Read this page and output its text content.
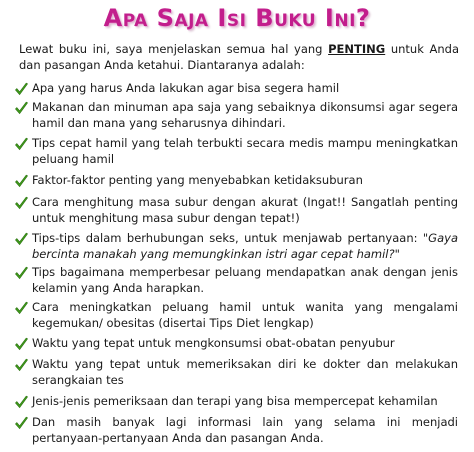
Apa Saja Isi Buku Ini?
Lewat buku ini, saya menjelaskan semua hal yang PENTING untuk Anda dan pasangan Anda ketahui. Diantaranya adalah:
Apa yang harus Anda lakukan agar bisa segera hamil
Makanan dan minuman apa saja yang sebaiknya dikonsumsi agar segera hamil dan mana yang seharusnya dihindari.
Tips cepat hamil yang telah terbukti secara medis mampu meningkatkan peluang hamil
Faktor-faktor penting yang menyebabkan ketidaksuburan
Cara menghitung masa subur dengan akurat (Ingat!! Sangatlah penting untuk menghitung masa subur dengan tepat!)
Tips-tips dalam berhubungan seks, untuk menjawab pertanyaan: "Gaya bercinta manakah yang memungkinkan istri agar cepat hamil?"
Tips bagaimana memperbesar peluang mendapatkan anak dengan jenis kelamin yang Anda harapkan.
Cara meningkatkan peluang hamil untuk wanita yang mengalami kegemukan/ obesitas (disertai Tips Diet lengkap)
Waktu yang tepat untuk mengkonsumsi obat-obatan penyubur
Waktu yang tepat untuk memeriksakan diri ke dokter dan melakukan serangkaian tes
Jenis-jenis pemeriksaan dan terapi yang bisa mempercepat kehamilan
Dan masih banyak lagi informasi lain yang selama ini menjadi pertanyaan-pertanyaan Anda dan pasangan Anda.
